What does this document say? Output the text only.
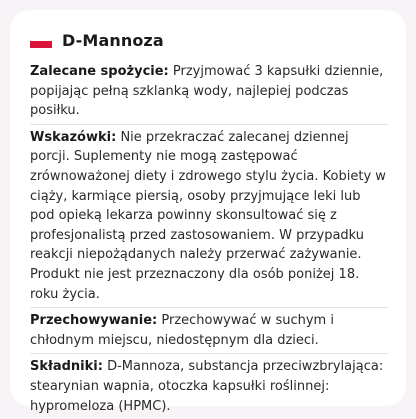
D-Mannoza
Zalecane spożycie: Przyjmować 3 kapsułki dziennie, popijając pełną szklanką wody, najlepiej podczas posiłku.
Wskazówki: Nie przekraczać zalecanej dziennej porcji. Suplementy nie mogą zastępować zrównoważonej diety i zdrowego stylu życia. Kobiety w ciąży, karmiące piersią, osoby przyjmujące leki lub pod opieką lekarza powinny skonsultować się z profesjonalistą przed zastosowaniem. W przypadku reakcji niepożądanych należy przerwać zażywanie. Produkt nie jest przeznaczony dla osób poniżej 18. roku życia.
Przechowywanie: Przechowywać w suchym i chłodnym miejscu, niedostępnym dla dzieci.
Składniki: D-Mannoza, substancja przeciwzbrylająca: stearynian wapnia, otoczka kapsułki roślinnej: hypromeloza (HPMC).
